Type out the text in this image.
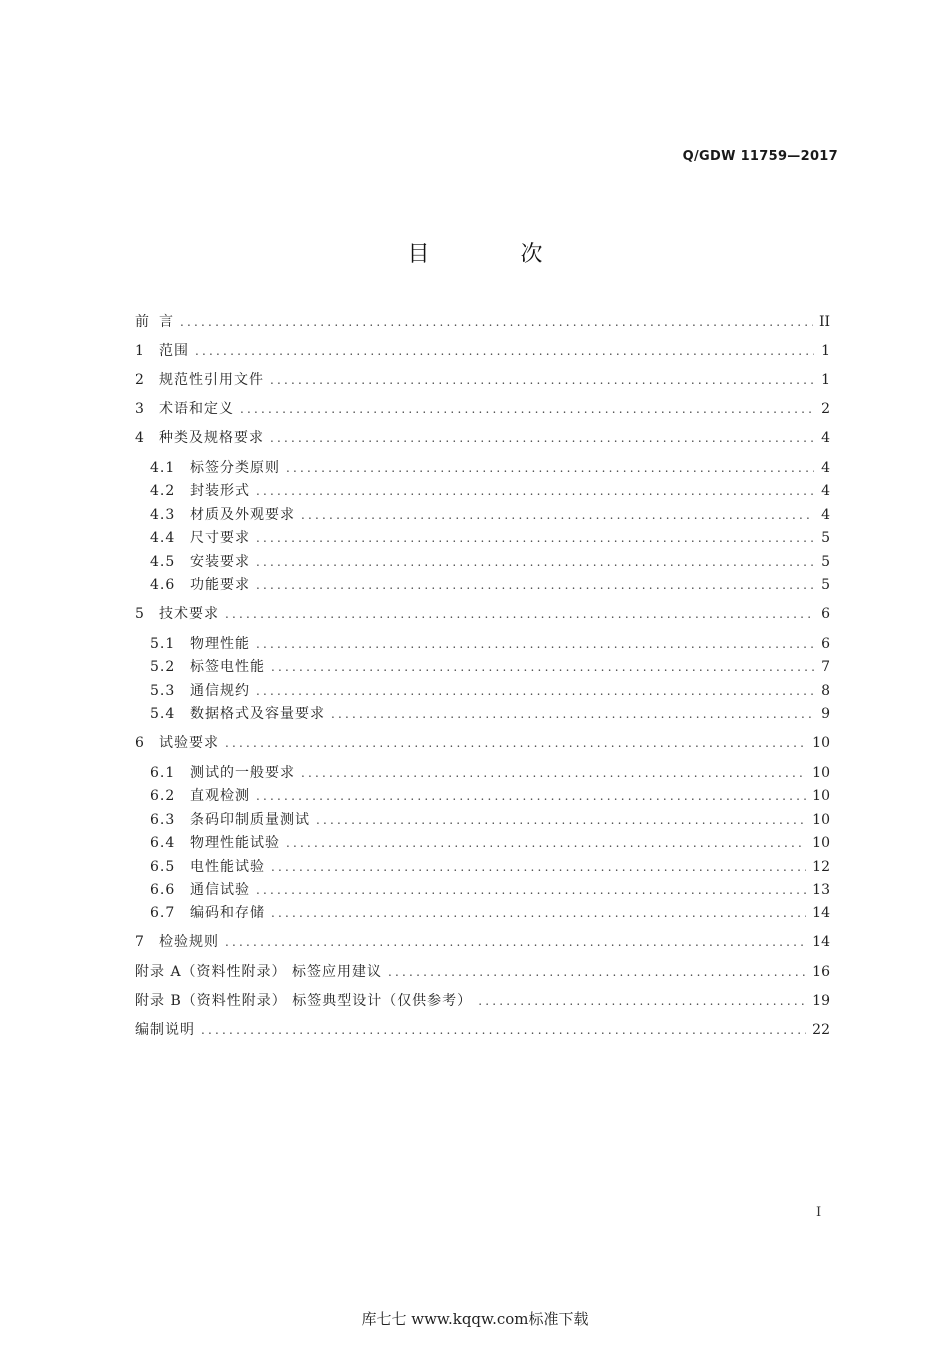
Q/GDW 11759—2017
目 次
前 言 .....	II
1	范围 .....	1
2	规范性引用文件 .....	1
3	术语和定义 .....	2
4	种类及规格要求 .....	4
4.1	标签分类原则 .....	4
4.2	封装形式 .....	4
4.3	材质及外观要求 .....	4
4.4	尺寸要求 .....	5
4.5	安装要求 .....	5
4.6	功能要求 .....	5
5	技术要求 .....	6
5.1	物理性能 .....	6
5.2	标签电性能 .....	7
5.3	通信规约 .....	8
5.4	数据格式及容量要求 .....	9
6	试验要求 .....	10
6.1	测试的一般要求 .....	10
6.2	直观检测 .....	10
6.3	条码印制质量测试 .....	10
6.4	物理性能试验 .....	10
6.5	电性能试验 .....	12
6.6	通信试验 .....	13
6.7	编码和存储 .....	14
7	检验规则 .....	14
附录 A（资料性附录） 标签应用建议 .....	16
附录 B（资料性附录） 标签典型设计（仅供参考） .....	19
编制说明 .....	22
I
库七七 www.kqqw.com标准下载
